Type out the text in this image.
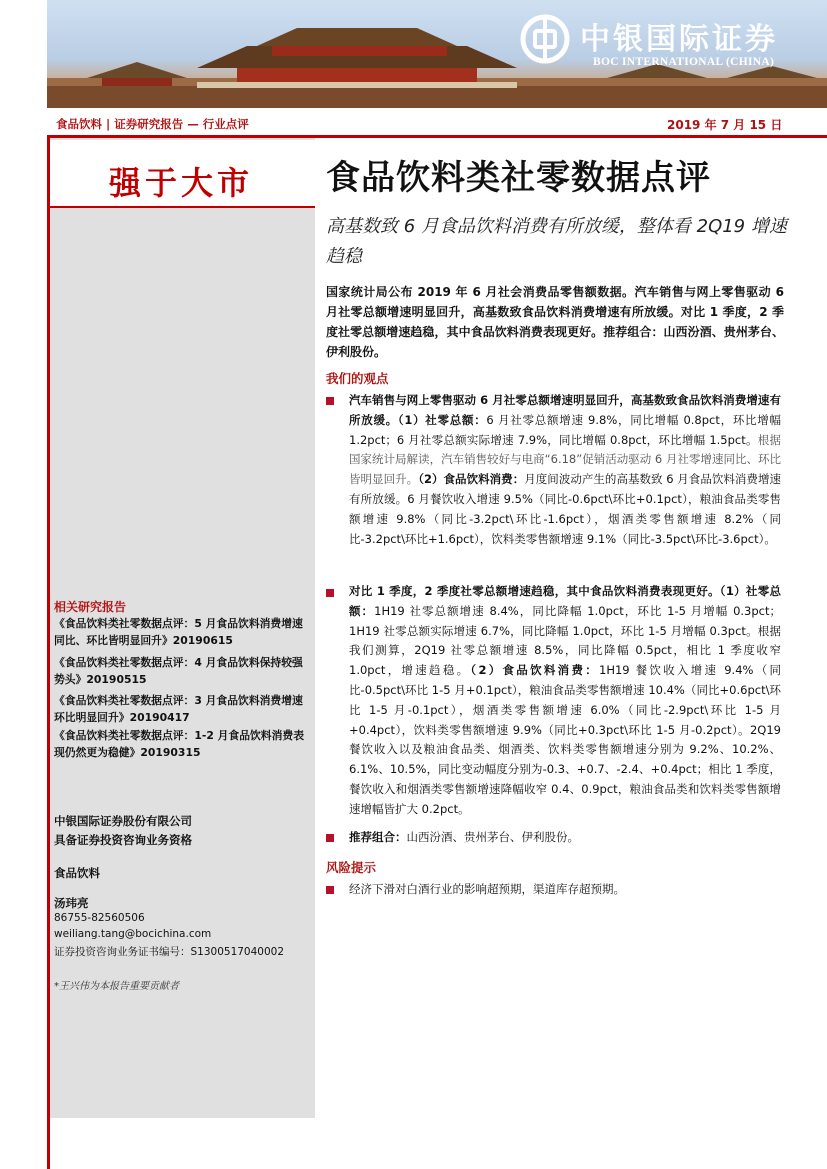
中银国际证券
BOC INTERNATIONAL (CHINA)
食品饮料 | 证券研究报告 — 行业点评	2019 年 7 月 15 日
强于大市
相关研究报告
《食品饮料类社零数据点评：5 月食品饮料消费增速同比、环比皆明显回升》20190615
《食品饮料类社零数据点评：4 月食品饮料保持较强势头》20190515
《食品饮料类社零数据点评：3 月食品饮料消费增速环比明显回升》20190417
《食品饮料类社零数据点评：1-2 月食品饮料消费表现仍然更为稳健》20190315
中银国际证券股份有限公司
具备证券投资咨询业务资格
食品饮料
汤玮亮
86755-82560506
weiliang.tang@bocichina.com
证券投资咨询业务证书编号：S1300517040002
*王兴伟为本报告重要贡献者
食品饮料类社零数据点评
高基数致 6 月食品饮料消费有所放缓，整体看 2Q19 增速趋稳
国家统计局公布 2019 年 6 月社会消费品零售额数据。汽车销售与网上零售驱动 6 月社零总额增速明显回升，高基数致食品饮料消费增速有所放缓。对比 1 季度，2 季度社零总额增速趋稳，其中食品饮料消费表现更好。推荐组合：山西汾酒、贵州茅台、伊利股份。
我们的观点
汽车销售与网上零售驱动 6 月社零总额增速明显回升，高基数致食品饮料消费增速有所放缓。（1）社零总额：6 月社零总额增速 9.8%，同比增幅 0.8pct，环比增幅 1.2pct；6 月社零总额实际增速 7.9%，同比增幅 0.8pct，环比增幅 1.5pct。根据国家统计局解读，汽车销售较好与电商“6.18”促销活动驱动 6 月社零增速同比、环比皆明显回升。（2）食品饮料消费：月度间波动产生的高基数致 6 月食品饮料消费增速有所放缓。6 月餐饮收入增速 9.5%（同比-0.6pct\环比+0.1pct），粮油食品类零售额增速 9.8%（同比-3.2pct\环比-1.6pct），烟酒类零售额增速 8.2%（同比-3.2pct\环比+1.6pct），饮料类零售额增速 9.1%（同比-3.5pct\环比-3.6pct）。
对比 1 季度，2 季度社零总额增速趋稳，其中食品饮料消费表现更好。（1）社零总额：1H19 社零总额增速 8.4%，同比降幅 1.0pct，环比 1-5 月增幅 0.3pct；1H19 社零总额实际增速 6.7%，同比降幅 1.0pct，环比 1-5 月增幅 0.3pct。根据我们测算，2Q19 社零总额增速 8.5%，同比降幅 0.5pct，相比 1 季度收窄 1.0pct，增速趋稳。（2）食品饮料消费：1H19 餐饮收入增速 9.4%（同比-0.5pct\环比 1-5 月+0.1pct），粮油食品类零售额增速 10.4%（同比+0.6pct\环比 1-5 月-0.1pct），烟酒类零售额增速 6.0%（同比-2.9pct\环比 1-5 月+0.4pct），饮料类零售额增速 9.9%（同比+0.3pct\环比 1-5 月-0.2pct）。2Q19 餐饮收入以及粮油食品类、烟酒类、饮料类零售额增速分别为 9.2%、10.2%、6.1%、10.5%，同比变动幅度分别为-0.3、+0.7、-2.4、+0.4pct；相比 1 季度，餐饮收入和烟酒类零售额增速降幅收窄 0.4、0.9pct，粮油食品类和饮料类零售额增速增幅皆扩大 0.2pct。
推荐组合：山西汾酒、贵州茅台、伊利股份。
风险提示
经济下滑对白酒行业的影响超预期，渠道库存超预期。
